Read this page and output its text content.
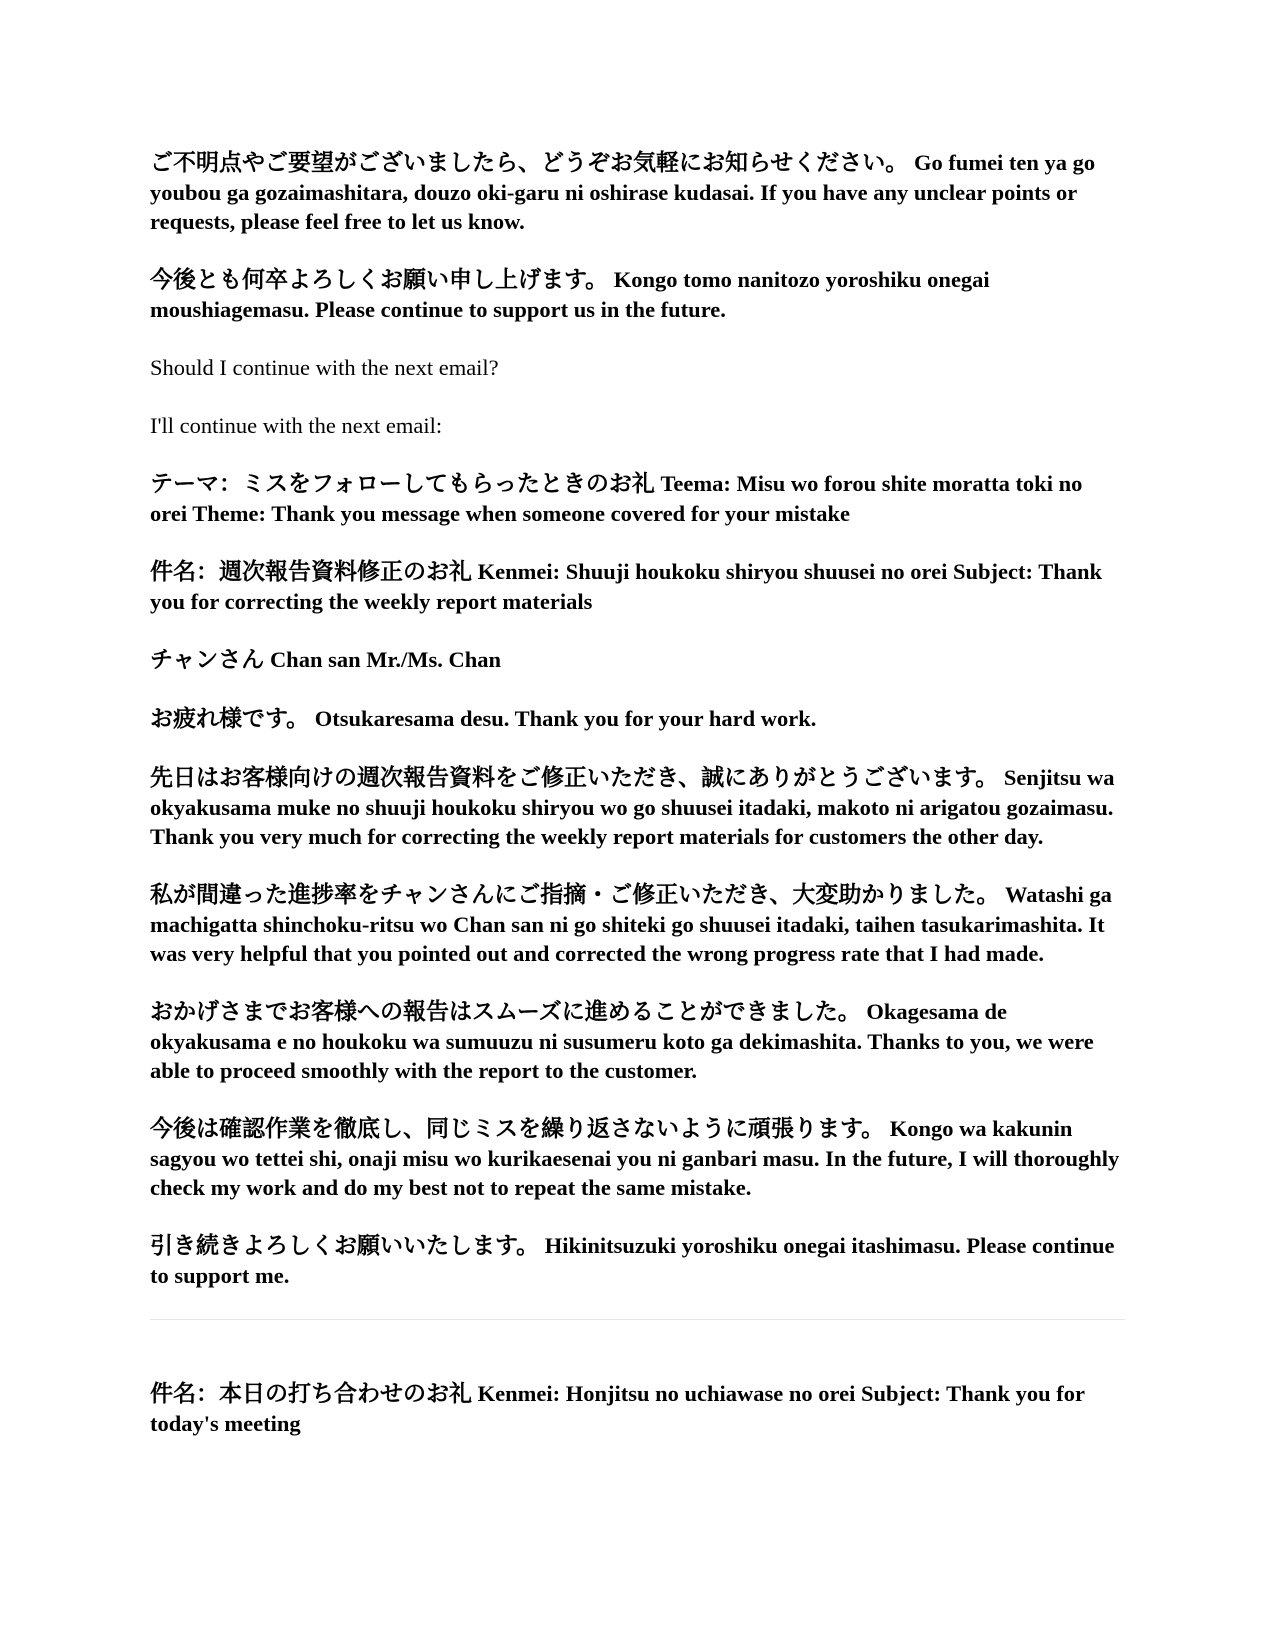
ご不明点やご要望がございましたら、どうぞお気軽にお知らせください。 Go fumei ten ya go youbou ga gozaimashitara, douzo oki-garu ni oshirase kudasai. If you have any unclear points or requests, please feel free to let us know.

今後とも何卒よろしくお願い申し上げます。 Kongo tomo nanitozo yoroshiku onegai moushiagemasu. Please continue to support us in the future.

Should I continue with the next email?

I'll continue with the next email:

テーマ：ミスをフォローしてもらったときのお礼 Teema: Misu wo forou shite moratta toki no orei Theme: Thank you message when someone covered for your mistake

件名：週次報告資料修正のお礼 Kenmei: Shuuji houkoku shiryou shuusei no orei Subject: Thank you for correcting the weekly report materials

チャンさん Chan san Mr./Ms. Chan

お疲れ様です。 Otsukaresama desu. Thank you for your hard work.

先日はお客様向けの週次報告資料をご修正いただき、誠にありがとうございます。 Senjitsu wa okyakusama muke no shuuji houkoku shiryou wo go shuusei itadaki, makoto ni arigatou gozaimasu. Thank you very much for correcting the weekly report materials for customers the other day.

私が間違った進捗率をチャンさんにご指摘・ご修正いただき、大変助かりました。 Watashi ga machigatta shinchoku-ritsu wo Chan san ni go shiteki go shuusei itadaki, taihen tasukarimashita. It was very helpful that you pointed out and corrected the wrong progress rate that I had made.

おかげさまでお客様への報告はスムーズに進めることができました。 Okagesama de okyakusama e no houkoku wa sumuuzu ni susumeru koto ga dekimashita. Thanks to you, we were able to proceed smoothly with the report to the customer.

今後は確認作業を徹底し、同じミスを繰り返さないように頑張ります。 Kongo wa kakunin sagyou wo tettei shi, onaji misu wo kurikaesenai you ni ganbari masu. In the future, I will thoroughly check my work and do my best not to repeat the same mistake.

引き続きよろしくお願いいたします。 Hikinitsuzuki yoroshiku onegai itashimasu. Please continue to support me.

件名：本日の打ち合わせのお礼 Kenmei: Honjitsu no uchiawase no orei Subject: Thank you for today's meeting
